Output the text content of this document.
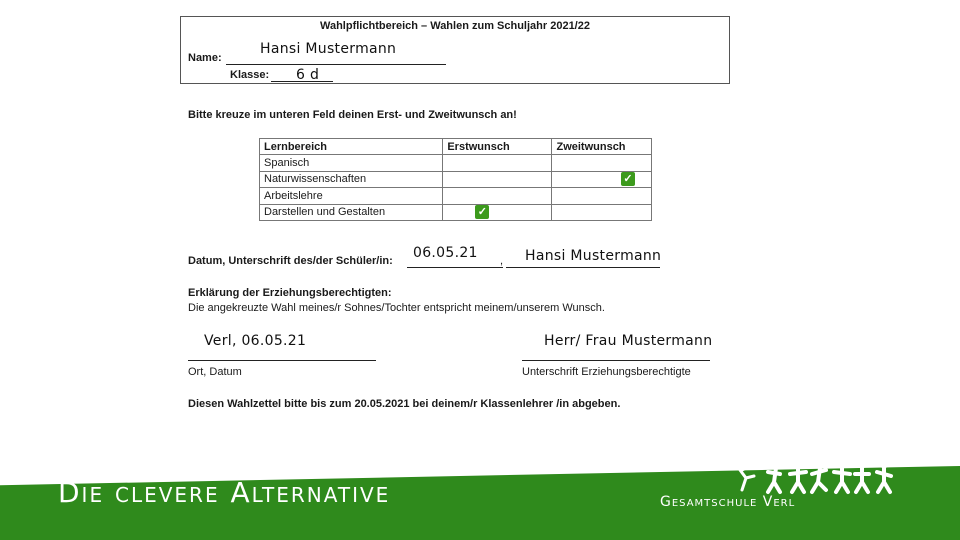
Wahlpflichtbereich – Wahlen zum Schuljahr 2021/22
Name:
Hansi Mustermann
Klasse: 6 d
Bitte kreuze im unteren Feld deinen Erst- und Zweitwunsch an!
Lernbereich	Erstwunsch	Zweitwunsch
Spanisch		
Naturwissenschaften		✓
Arbeitslehre		
Darstellen und Gestalten	✓	
Datum, Unterschrift des/der Schüler/in:	,
06.05.21	Hansi Mustermann
Erklärung der Erziehungsberechtigten:
Die angekreuzte Wahl meines/r Sohnes/Tochter entspricht meinem/unserem Wunsch.
Verl, 06.05.21
Ort, Datum
Herr/ Frau Mustermann
Unterschrift Erziehungsberechtigte
Diesen Wahlzettel bitte bis zum 20.05.2021 bei deinem/r Klassenlehrer /in abgeben.
Die clevere Alternative	Gesamtschule Verl
